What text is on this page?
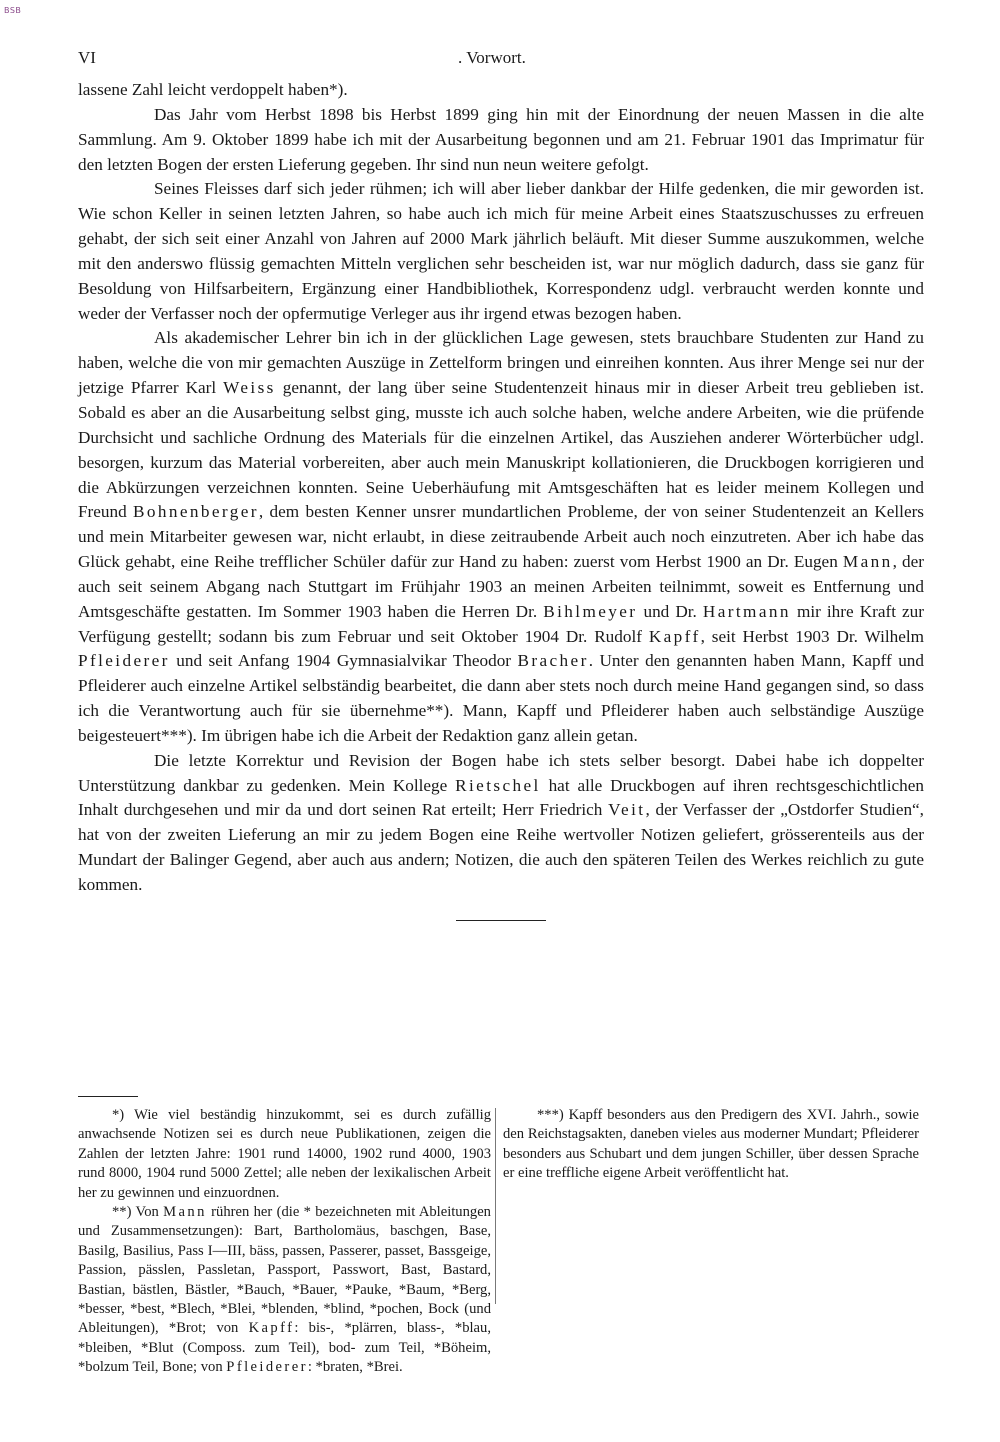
BSB
VI	. Vorwort.

lassene Zahl leicht verdoppelt haben*).

Das Jahr vom Herbst 1898 bis Herbst 1899 ging hin mit der Einordnung der neuen Massen in die alte Sammlung. Am 9. Oktober 1899 habe ich mit der Ausarbeitung begonnen und am 21. Februar 1901 das Imprimatur für den letzten Bogen der ersten Lieferung gegeben. Ihr sind nun neun weitere gefolgt.

Seines Fleisses darf sich jeder rühmen; ich will aber lieber dankbar der Hilfe gedenken, die mir geworden ist. Wie schon Keller in seinen letzten Jahren, so habe auch ich mich für meine Arbeit eines Staatszuschusses zu erfreuen gehabt, der sich seit einer Anzahl von Jahren auf 2000 Mark jährlich beläuft. Mit dieser Summe auszukommen, welche mit den anderswo flüssig gemachten Mitteln verglichen sehr bescheiden ist, war nur möglich dadurch, dass sie ganz für Besoldung von Hilfsarbeitern, Ergänzung einer Handbibliothek, Korrespondenz udgl. verbraucht werden konnte und weder der Verfasser noch der opfermutige Verleger aus ihr irgend etwas bezogen haben.

Als akademischer Lehrer bin ich in der glücklichen Lage gewesen, stets brauchbare Studenten zur Hand zu haben, welche die von mir gemachten Auszüge in Zettelform bringen und einreihen konnten. Aus ihrer Menge sei nur der jetzige Pfarrer Karl Weiss genannt, der lang über seine Studentenzeit hinaus mir in dieser Arbeit treu geblieben ist. Sobald es aber an die Ausarbeitung selbst ging, musste ich auch solche haben, welche andere Arbeiten, wie die prüfende Durchsicht und sachliche Ordnung des Materials für die einzelnen Artikel, das Ausziehen anderer Wörterbücher udgl. besorgen, kurzum das Material vorbereiten, aber auch mein Manuskript kollationieren, die Druckbogen korrigieren und die Abkürzungen verzeichnen konnten. Seine Ueberhäufung mit Amtsgeschäften hat es leider meinem Kollegen und Freund Bohnenberger, dem besten Kenner unsrer mundartlichen Probleme, der von seiner Studentenzeit an Kellers und mein Mitarbeiter gewesen war, nicht erlaubt, in diese zeitraubende Arbeit auch noch einzutreten. Aber ich habe das Glück gehabt, eine Reihe trefflicher Schüler dafür zur Hand zu haben: zuerst vom Herbst 1900 an Dr. Eugen Mann, der auch seit seinem Abgang nach Stuttgart im Frühjahr 1903 an meinen Arbeiten teilnimmt, soweit es Entfernung und Amtsgeschäfte gestatten. Im Sommer 1903 haben die Herren Dr. Bihlmeyer und Dr. Hartmann mir ihre Kraft zur Verfügung gestellt; sodann bis zum Februar und seit Oktober 1904 Dr. Rudolf Kapff, seit Herbst 1903 Dr. Wilhelm Pfleiderer und seit Anfang 1904 Gymnasialvikar Theodor Bracher. Unter den genannten haben Mann, Kapff und Pfleiderer auch einzelne Artikel selbständig bearbeitet, die dann aber stets noch durch meine Hand gegangen sind, so dass ich die Verantwortung auch für sie übernehme**). Mann, Kapff und Pfleiderer haben auch selbständige Auszüge beigesteuert***). Im übrigen habe ich die Arbeit der Redaktion ganz allein getan.

Die letzte Korrektur und Revision der Bogen habe ich stets selber besorgt. Dabei habe ich doppelter Unterstützung dankbar zu gedenken. Mein Kollege Rietschel hat alle Druckbogen auf ihren rechtsgeschichtlichen Inhalt durchgesehen und mir da und dort seinen Rat erteilt; Herr Friedrich Veit, der Verfasser der „Ostdorfer Studien“, hat von der zweiten Lieferung an mir zu jedem Bogen eine Reihe wertvoller Notizen geliefert, grösserenteils aus der Mundart der Balinger Gegend, aber auch aus andern; Notizen, die auch den späteren Teilen des Werkes reichlich zu gute kommen.

*) Wie viel beständig hinzukommt, sei es durch zufällig anwachsende Notizen sei es durch neue Publikationen, zeigen die Zahlen der letzten Jahre: 1901 rund 14000, 1902 rund 4000, 1903 rund 8000, 1904 rund 5000 Zettel; alle neben der lexikalischen Arbeit her zu gewinnen und einzuordnen.

**) Von Mann rühren her (die * bezeichneten mit Ableitungen und Zusammensetzungen): Bart, Bartholomäus, baschgen, Base, Basilg, Basilius, Pass I—III, bäss, passen, Passerer, passet, Bassgeige, Passion, pässlen, Passletan, Passport, Passwort, Bast, Bastard, Bastian, bästlen, Bästler, *Bauch, *Bauer, *Pauke, *Baum, *Berg, *besser, *best, *Blech, *Blei, *blenden, *blind, *pochen, Bock (und Ableitungen), *Brot; von Kapff: bis-, *plärren, blass-, *blau, *bleiben, *Blut (Composs. zum Teil), bod- zum Teil, *Böheim, *bolzum Teil, Bone; von Pfleiderer: *braten, *Brei.

***) Kapff besonders aus den Predigern des XVI. Jahrh., sowie den Reichstagsakten, daneben vieles aus moderner Mundart; Pfleiderer besonders aus Schubart und dem jungen Schiller, über dessen Sprache er eine treffliche eigene Arbeit veröffentlicht hat.
